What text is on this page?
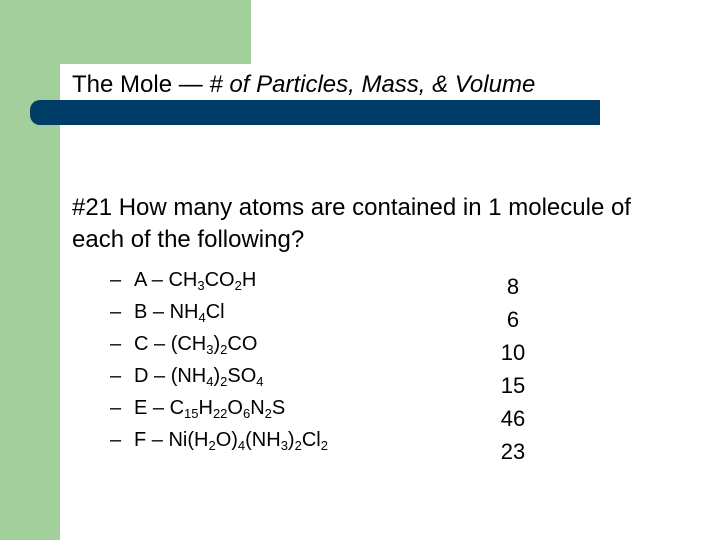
The Mole — # of Particles, Mass, & Volume
#21 How many atoms are contained in 1 molecule of each of the following?
– A – $CH_3CO_2H$
– B – $NH_4Cl$
– C – $(CH_3)_2CO$
– D – $(NH_4)_2SO_4$
– E – $C_{15}H_{22}O_6N_2S$
– F – $Ni(H_2O)_4(NH_3)_2Cl_2$
8
6
10
15
46
23
